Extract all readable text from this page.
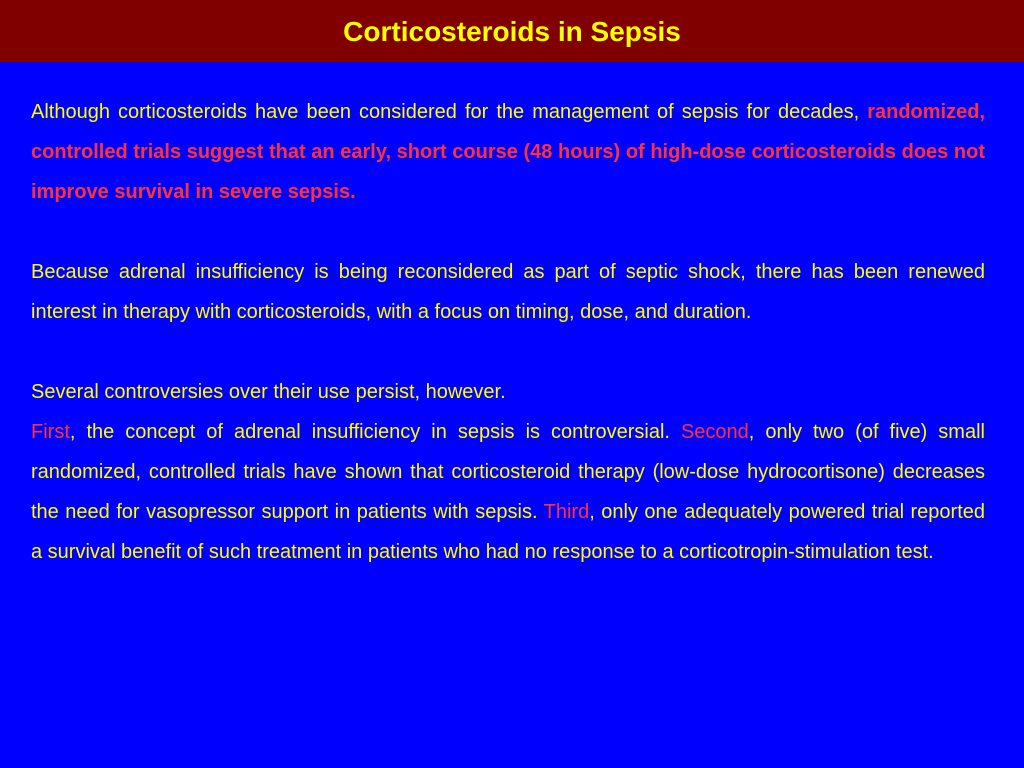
Corticosteroids in Sepsis

Although corticosteroids have been considered for the management of sepsis for decades, randomized, controlled trials suggest that an early, short course (48 hours) of high-dose corticosteroids does not improve survival in severe sepsis.

Because adrenal insufficiency is being reconsidered as part of septic shock, there has been renewed interest in therapy with corticosteroids, with a focus on timing, dose, and duration.

Several controversies over their use persist, however.

First, the concept of adrenal insufficiency in sepsis is controversial. Second, only two (of five) small randomized, controlled trials have shown that corticosteroid therapy (low-dose hydrocortisone) decreases the need for vasopressor support in patients with sepsis. Third, only one adequately powered trial reported a survival benefit of such treatment in patients who had no response to a corticotropin-stimulation test.
